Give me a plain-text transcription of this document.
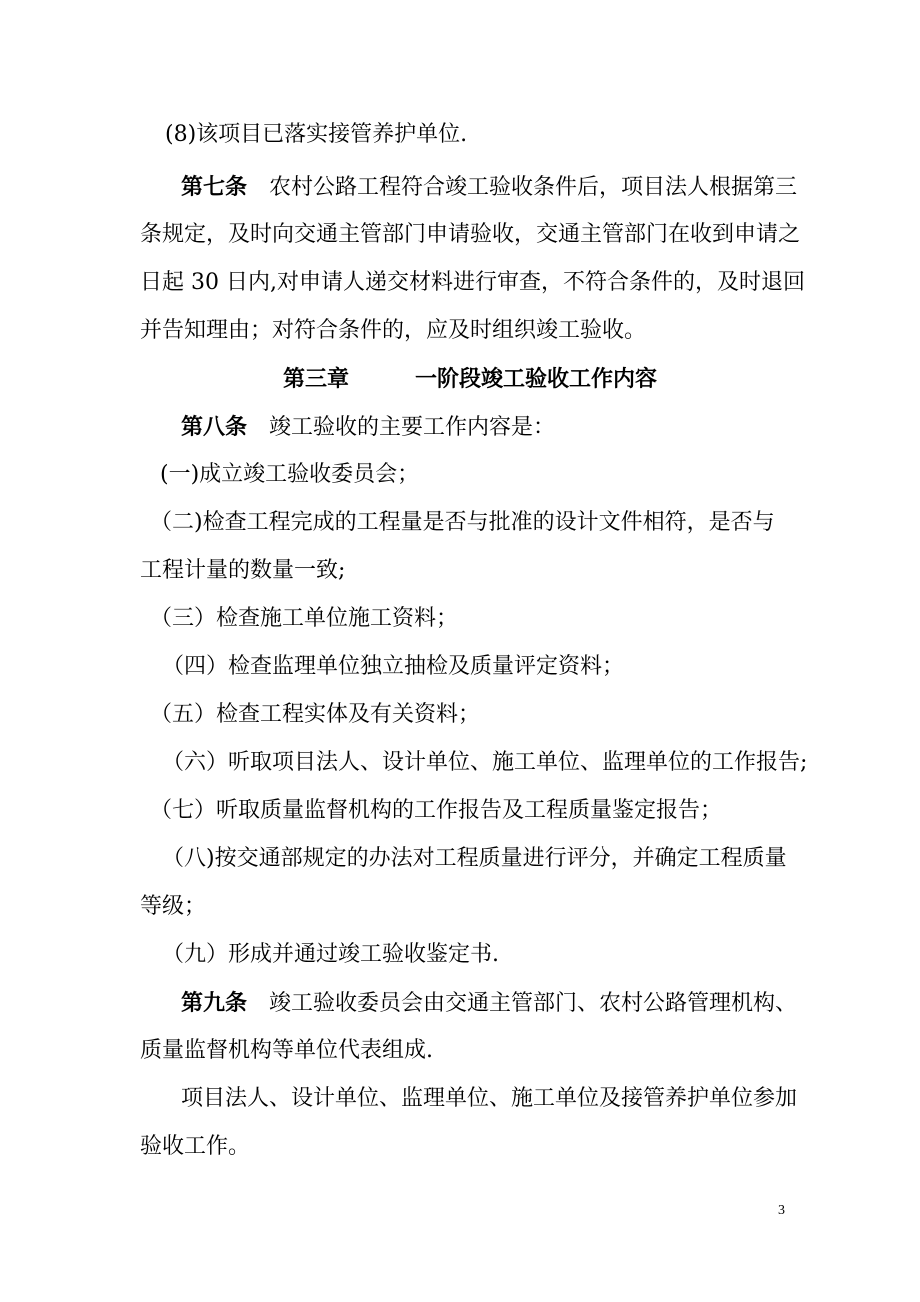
(8)该项目已落实接管养护单位.
第七条 农村公路工程符合竣工验收条件后，项目法人根据第三
条规定，及时向交通主管部门申请验收，交通主管部门在收到申请之
日起 30 日内,对申请人递交材料进行审查，不符合条件的，及时退回
并告知理由；对符合条件的，应及时组织竣工验收。
第三章	一阶段竣工验收工作内容
第八条 竣工验收的主要工作内容是：
(一)成立竣工验收委员会；
（二)检查工程完成的工程量是否与批准的设计文件相符，是否与
工程计量的数量一致;
（三）检查施工单位施工资料；
（四）检查监理单位独立抽检及质量评定资料；
（五）检查工程实体及有关资料；
（六）听取项目法人、设计单位、施工单位、监理单位的工作报告;
（七）听取质量监督机构的工作报告及工程质量鉴定报告；
（八)按交通部规定的办法对工程质量进行评分，并确定工程质量
等级；
（九）形成并通过竣工验收鉴定书.
第九条 竣工验收委员会由交通主管部门、农村公路管理机构、
质量监督机构等单位代表组成.
项目法人、设计单位、监理单位、施工单位及接管养护单位参加
验收工作。
3
